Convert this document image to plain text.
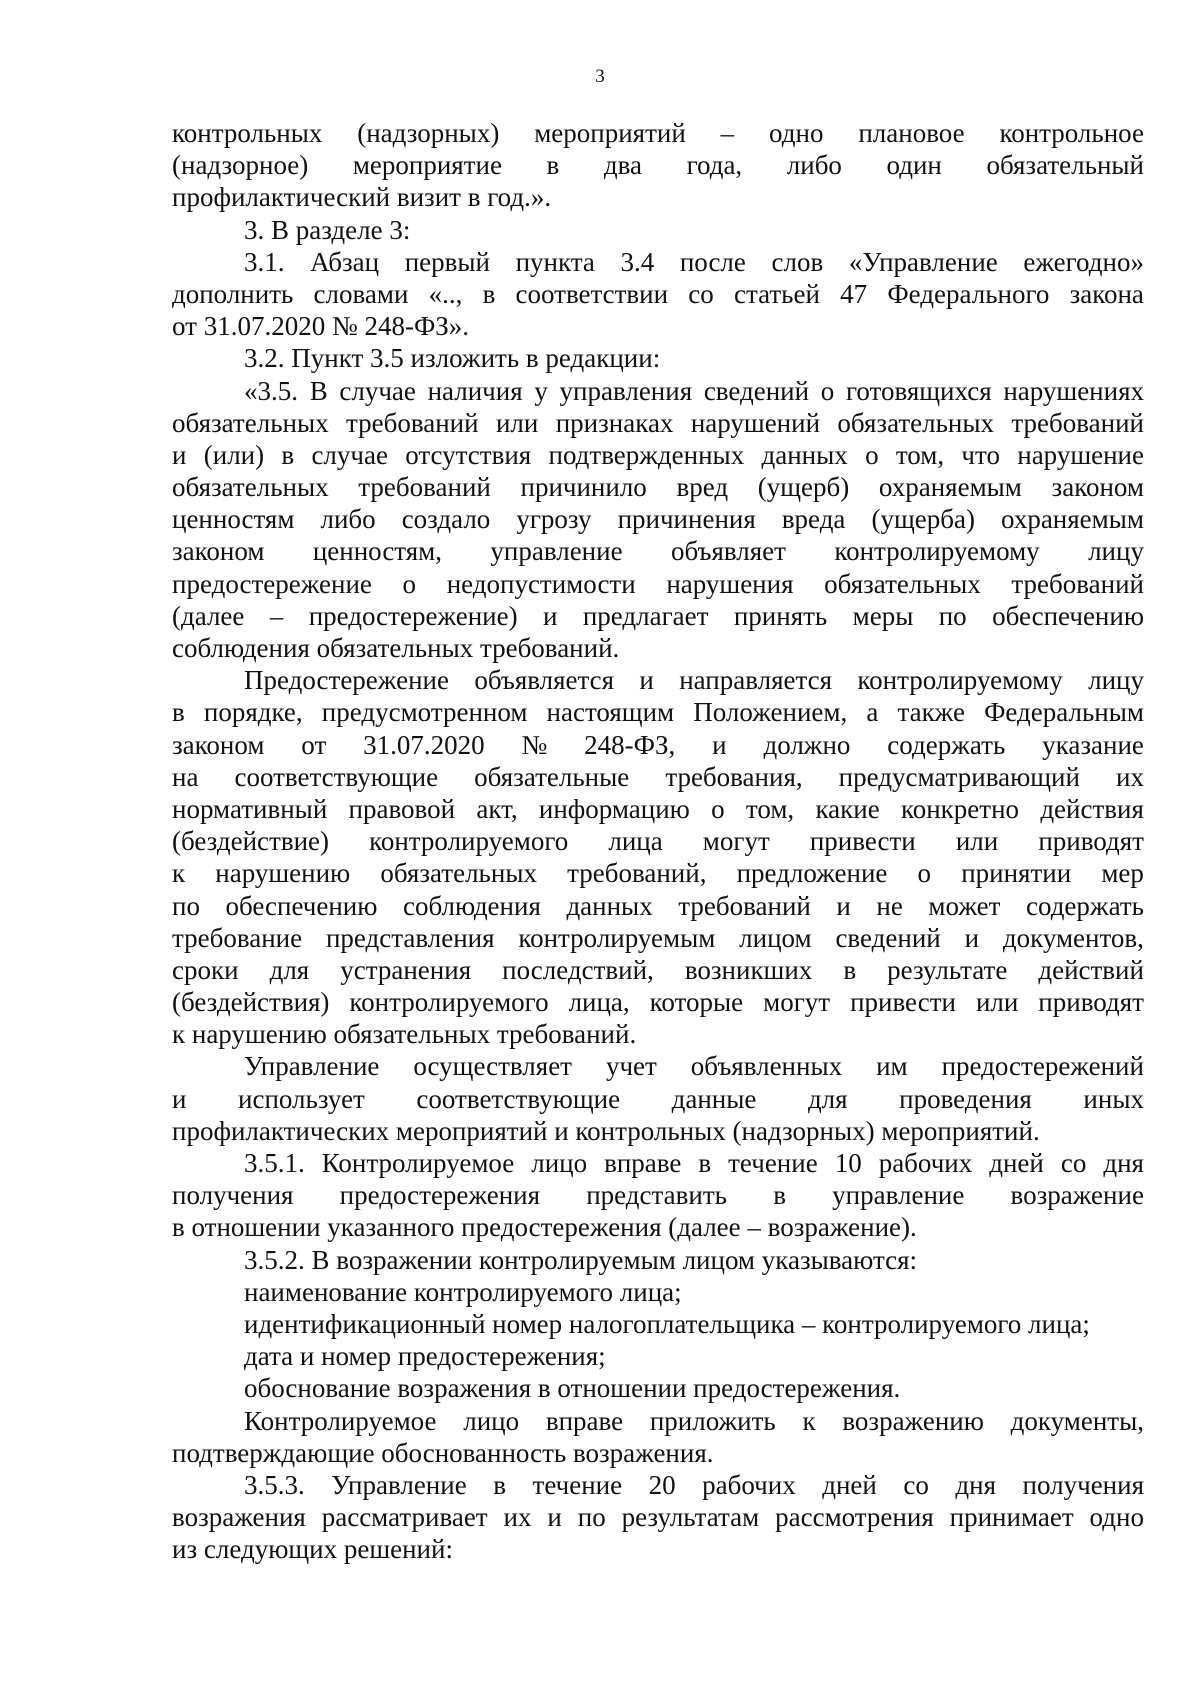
3
контрольных (надзорных) мероприятий – одно плановое контрольное
(надзорное) мероприятие в два года, либо один обязательный
профилактический визит в год.».
3. В разделе 3:
3.1. Абзац первый пункта 3.4 после слов «Управление ежегодно»
дополнить словами «.., в соответствии со статьей 47 Федерального закона
от 31.07.2020 № 248-ФЗ».
3.2. Пункт 3.5 изложить в редакции:
«3.5. В случае наличия у управления сведений о готовящихся нарушениях
обязательных требований или признаках нарушений обязательных требований
и (или) в случае отсутствия подтвержденных данных о том, что нарушение
обязательных требований причинило вред (ущерб) охраняемым законом
ценностям либо создало угрозу причинения вреда (ущерба) охраняемым
законом ценностям, управление объявляет контролируемому лицу
предостережение о недопустимости нарушения обязательных требований
(далее – предостережение) и предлагает принять меры по обеспечению
соблюдения обязательных требований.
Предостережение объявляется и направляется контролируемому лицу
в порядке, предусмотренном настоящим Положением, а также Федеральным
законом от 31.07.2020 № 248-ФЗ, и должно содержать указание
на соответствующие обязательные требования, предусматривающий их
нормативный правовой акт, информацию о том, какие конкретно действия
(бездействие) контролируемого лица могут привести или приводят
к нарушению обязательных требований, предложение о принятии мер
по обеспечению соблюдения данных требований и не может содержать
требование представления контролируемым лицом сведений и документов,
сроки для устранения последствий, возникших в результате действий
(бездействия) контролируемого лица, которые могут привести или приводят
к нарушению обязательных требований.
Управление осуществляет учет объявленных им предостережений
и использует соответствующие данные для проведения иных
профилактических мероприятий и контрольных (надзорных) мероприятий.
3.5.1. Контролируемое лицо вправе в течение 10 рабочих дней со дня
получения предостережения представить в управление возражение
в отношении указанного предостережения (далее – возражение).
3.5.2. В возражении контролируемым лицом указываются:
наименование контролируемого лица;
идентификационный номер налогоплательщика – контролируемого лица;
дата и номер предостережения;
обоснование возражения в отношении предостережения.
Контролируемое лицо вправе приложить к возражению документы,
подтверждающие обоснованность возражения.
3.5.3. Управление в течение 20 рабочих дней со дня получения
возражения рассматривает их и по результатам рассмотрения принимает одно
из следующих решений:
